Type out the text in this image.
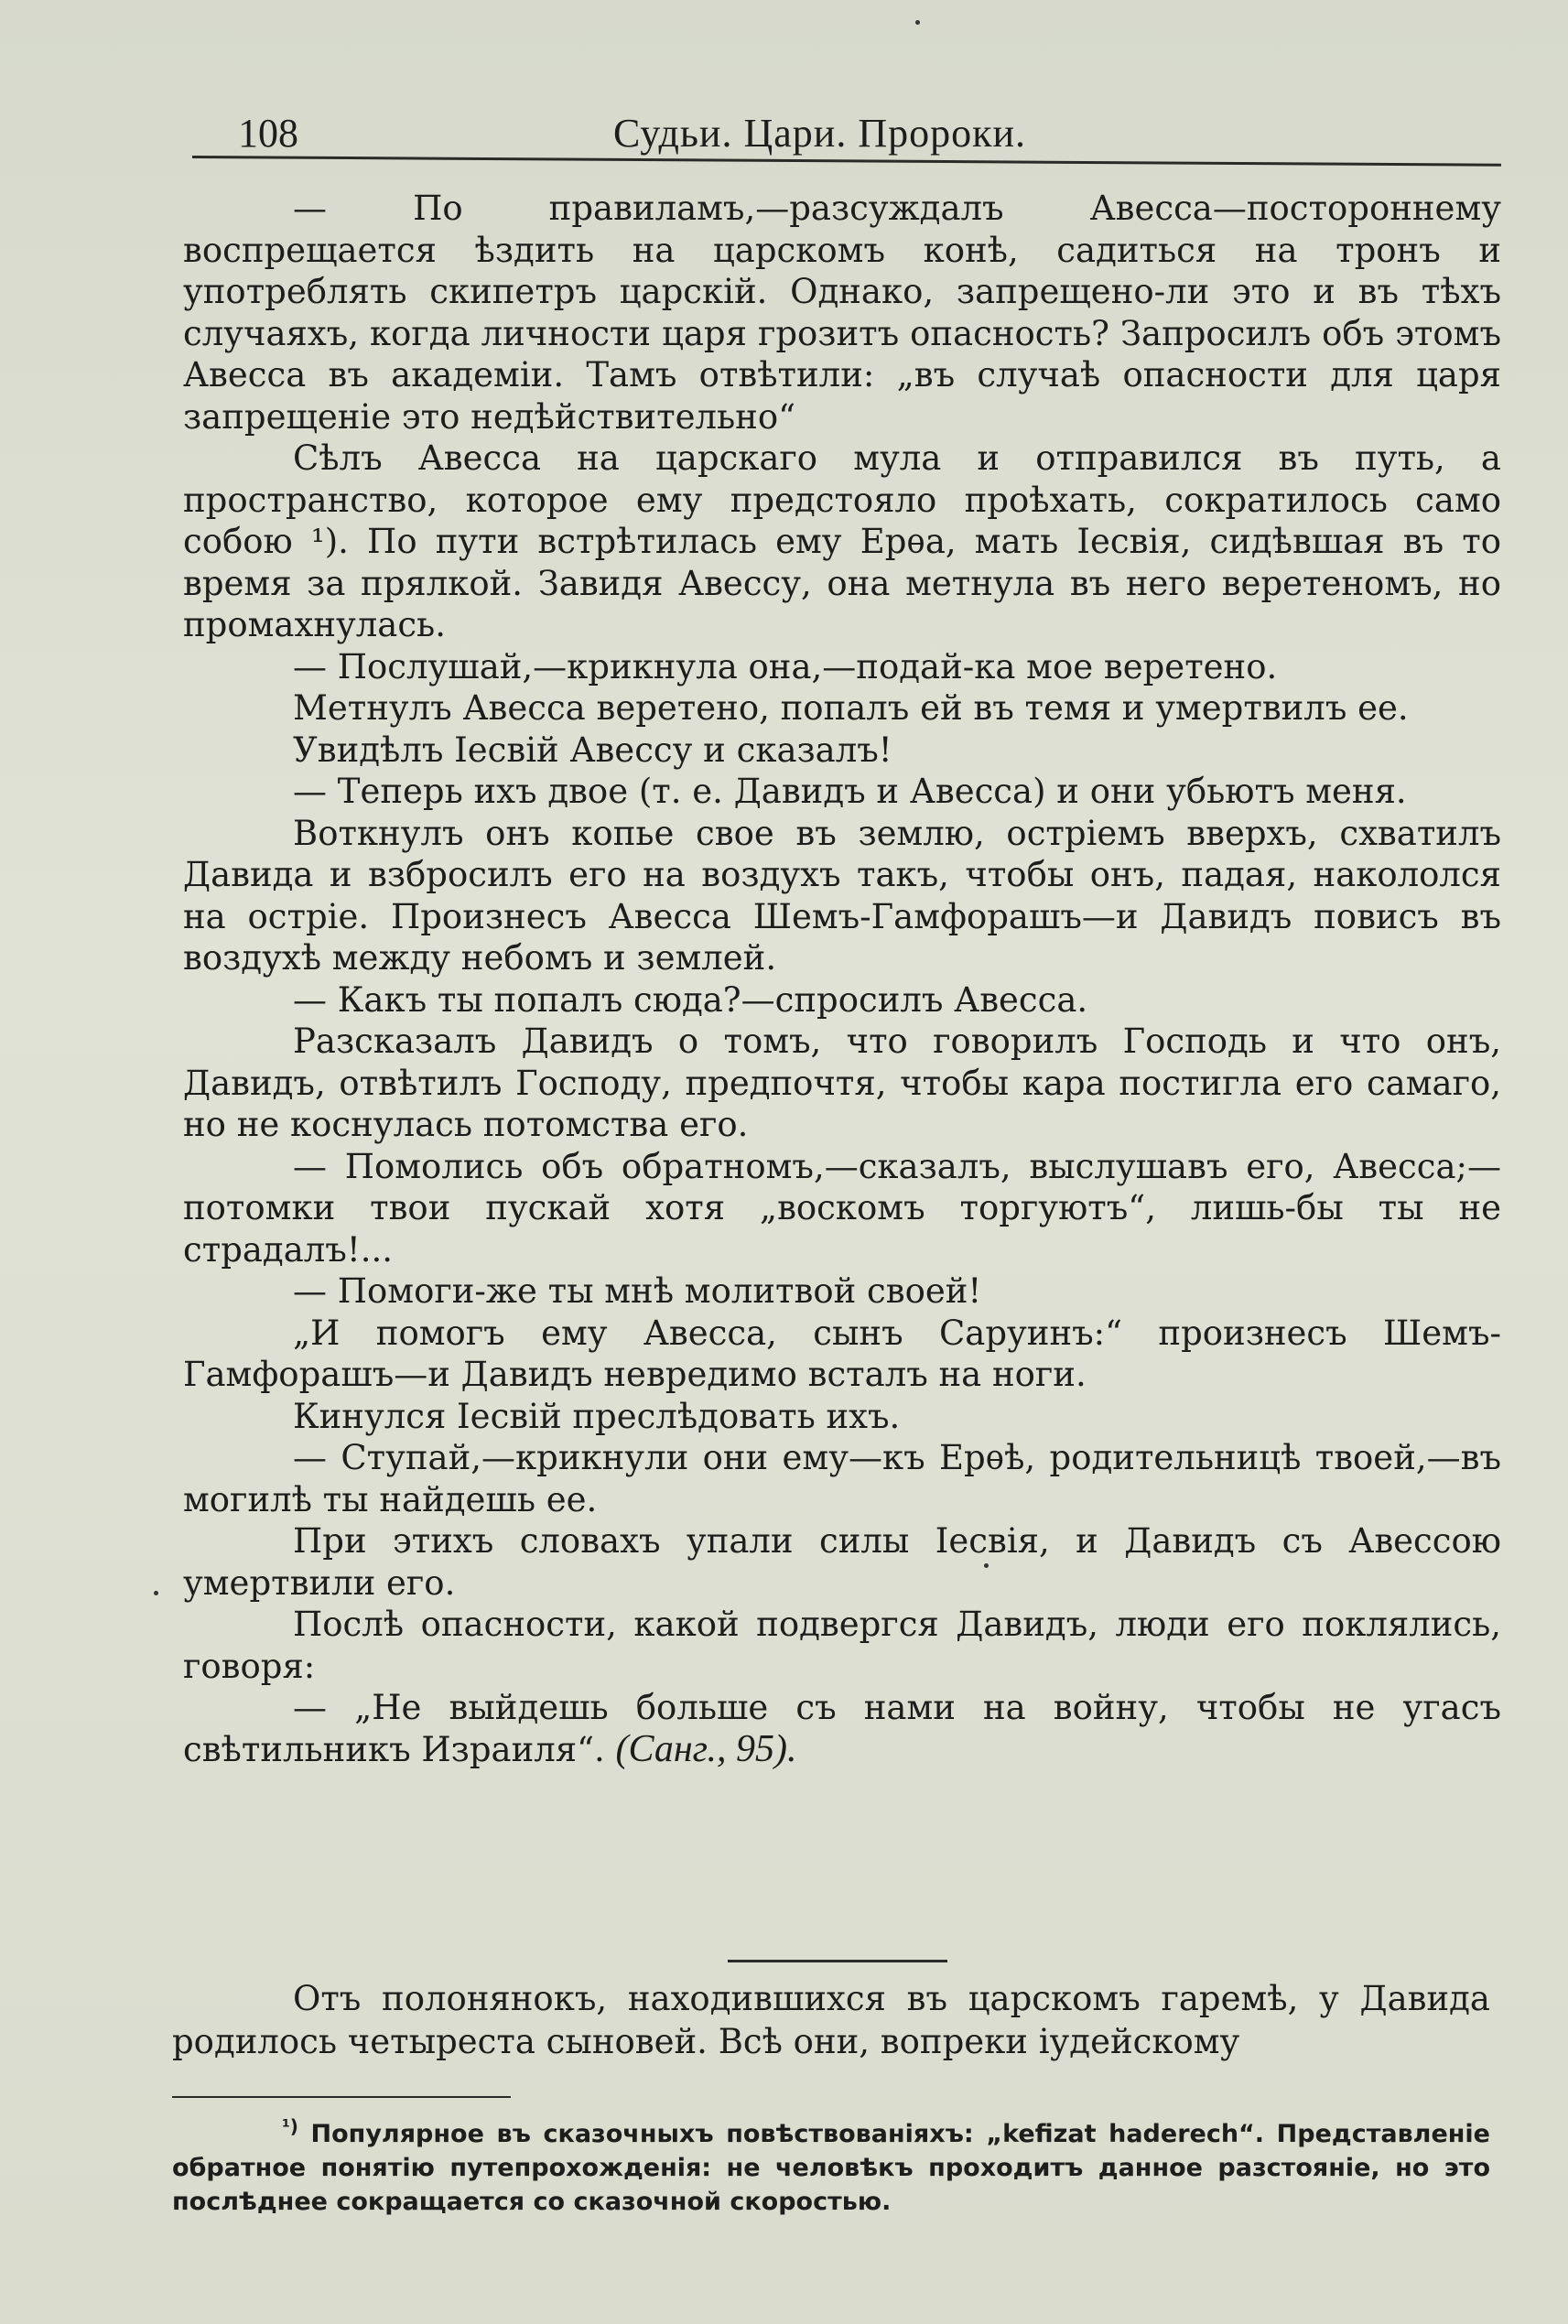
108	Судьи. Цари. Пророки.

— По правиламъ,—разсуждалъ Авесса—постороннему воспрещается ѣздить на царскомъ конѣ, садиться на тронъ и употреблять скипетръ царскій. Однако, запрещено-ли это и въ тѣхъ случаяхъ, когда личности царя грозитъ опасность? Запросилъ объ этомъ Авесса въ академіи. Тамъ отвѣтили: „въ случаѣ опасности для царя запрещеніе это недѣйствительно“

Сѣлъ Авесса на царскаго мула и отправился въ путь, а пространство, которое ему предстояло проѣхать, сократилось само собою ¹). По пути встрѣтилась ему Ерѳа, мать Іесвія, сидѣвшая въ то время за прялкой. Завидя Авессу, она метнула въ него веретеномъ, но промахнулась.

— Послушай,—крикнула она,—подай-ка мое веретено.

Метнулъ Авесса веретено, попалъ ей въ темя и умертвилъ ее.

Увидѣлъ Іесвій Авессу и сказалъ!

— Теперь ихъ двое (т. е. Давидъ и Авесса) и они убьютъ меня.

Воткнулъ онъ копье свое въ землю, остріемъ вверхъ, схватилъ Давида и взбросилъ его на воздухъ такъ, чтобы онъ, падая, накололся на остріе. Произнесъ Авесса Шемъ-Гамфорашъ—и Давидъ повисъ въ воздухѣ между небомъ и землей.

— Какъ ты попалъ сюда?—спросилъ Авесса.

Разсказалъ Давидъ о томъ, что говорилъ Господь и что онъ, Давидъ, отвѣтилъ Господу, предпочтя, чтобы кара постигла его самаго, но не коснулась потомства его.

— Помолись объ обратномъ,—сказалъ, выслушавъ его, Авесса;—потомки твои пускай хотя „воскомъ торгуютъ“, лишь-бы ты не страдалъ!...

— Помоги-же ты мнѣ молитвой своей!

„И помогъ ему Авесса, сынъ Саруинъ:“ произнесъ Шемъ-Гамфорашъ—и Давидъ невредимо всталъ на ноги.

Кинулся Іесвій преслѣдовать ихъ.

— Ступай,—крикнули они ему—къ Ерѳѣ, родительницѣ твоей,—въ могилѣ ты найдешь ее.

При этихъ словахъ упали силы Іесвія, и Давидъ съ Авессою умертвили его.

Послѣ опасности, какой подвергся Давидъ, люди его поклялись, говоря:

— „Не выйдешь больше съ нами на войну, чтобы не угасъ свѣтильникъ Израиля“. (Санг., 95).

Отъ полонянокъ, находившихся въ царскомъ гаремѣ, у Давида родилось четыреста сыновей. Всѣ они, вопреки іудейскому

$^{^1)}$ Популярное въ сказочныхъ повѣствованіяхъ: „kefizat haderech“. Представленіе обратное понятію путепрохожденія: не человѣкъ проходитъ данное разстояніе, но это послѣднее сокращается со сказочной скоростью.
